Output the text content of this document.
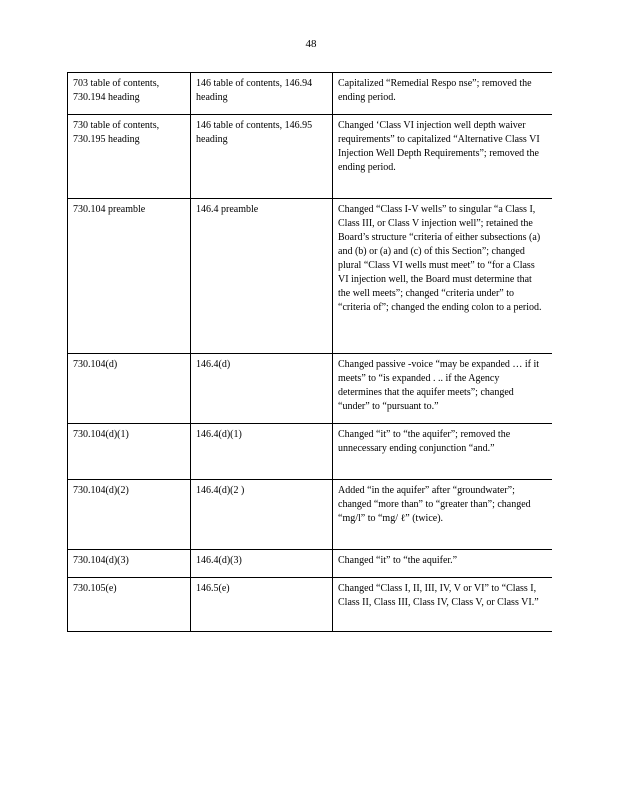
48
703 table of contents, 730.194 heading	146 table of contents, 146.94 heading	Capitalized “Remedial Respo nse”; removed the ending period.
730 table of contents, 730.195 heading	146 table of contents, 146.95 heading	Changed ‘Class VI injection well depth waiver requirements” to capitalized “Alternative Class VI Injection Well Depth Requirements”; removed the ending period.
730.104 preamble	146.4 preamble	Changed “Class I-V wells” to singular “a Class I, Class III, or Class V injection well”; retained the Board’s structure “criteria of either subsections (a) and (b) or (a) and (c) of this Section”; changed plural “Class VI wells must meet” to “for a Class VI injection well, the Board must determine that the well meets”; changed “criteria under” to “criteria of”; changed the ending colon to a period.
730.104(d)	146.4(d)	Changed passive -voice “may be expanded … if it meets” to “is expanded . .. if the Agency determines that the aquifer meets”; changed “under” to “pursuant to.”
730.104(d)(1)	146.4(d)(1)	Changed “it” to “the aquifer”; removed the unnecessary ending conjunction “and.”
730.104(d)(2)	146.4(d)(2 )	Added “in the aquifer” after “groundwater”; changed “more than” to “greater than”; changed “mg/l” to “mg/ ℓ” (twice).
730.104(d)(3)	146.4(d)(3)	Changed “it” to “the aquifer.”
730.105(e)	146.5(e)	Changed “Class I, II, III, IV, V or VI” to “Class I, Class II, Class III, Class IV, Class V, or Class VI.”
